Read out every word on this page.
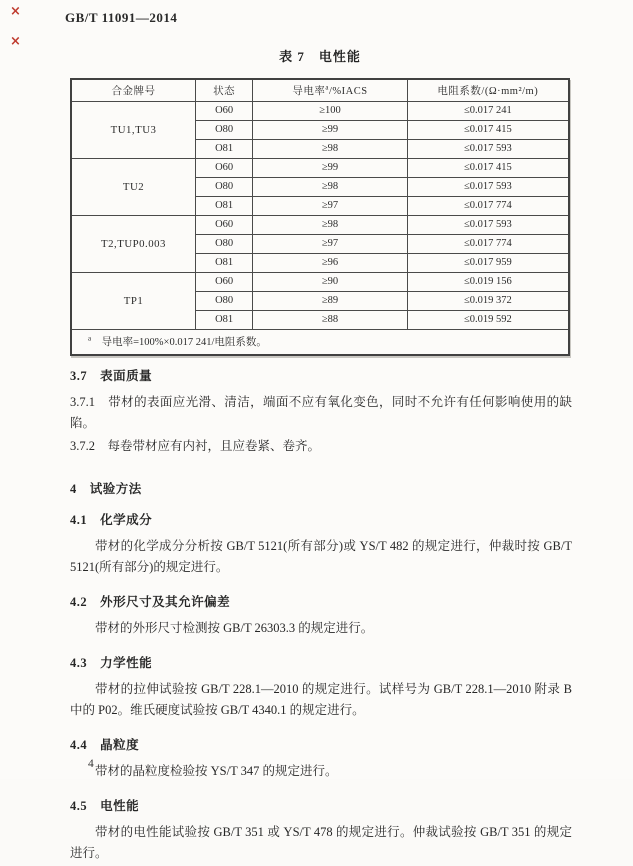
GB/T 11091—2014
×
×
表 7　电性能
合金牌号	状态	导电率$^a$/%IACS	电阻系数/(Ω·mm²/m)
TU1,TU3	O60	≥100	≤0.017 241
	O80	≥99	≤0.017 415
	O81	≥98	≤0.017 593
TU2	O60	≥99	≤0.017 415
	O80	≥98	≤0.017 593
	O81	≥97	≤0.017 774
T2,TUP0.003	O60	≥98	≤0.017 593
	O80	≥97	≤0.017 774
	O81	≥96	≤0.017 959
TP1	O60	≥90	≤0.019 156
	O80	≥89	≤0.019 372
	O81	≥88	≤0.019 592
$^a$　导电率=100%×0.017 241/电阻系数。			
3.7　表面质量
3.7.1　带材的表面应光滑、清洁，端面不应有氧化变色，同时不允许有任何影响使用的缺陷。
3.7.2　每卷带材应有内衬，且应卷紧、卷齐。
4　试验方法
4.1　化学成分
带材的化学成分分析按 GB/T 5121(所有部分)或 YS/T 482 的规定进行，仲裁时按 GB/T 5121(所有部分)的规定进行。
4.2　外形尺寸及其允许偏差
带材的外形尺寸检测按 GB/T 26303.3 的规定进行。
4.3　力学性能
带材的拉伸试验按 GB/T 228.1—2010 的规定进行。试样号为 GB/T 228.1—2010 附录 B 中的 P02。维氏硬度试验按 GB/T 4340.1 的规定进行。
4.4　晶粒度
带材的晶粒度检验按 YS/T 347 的规定进行。
4.5　电性能
带材的电性能试验按 GB/T 351 或 YS/T 478 的规定进行。仲裁试验按 GB/T 351 的规定进行。
4
